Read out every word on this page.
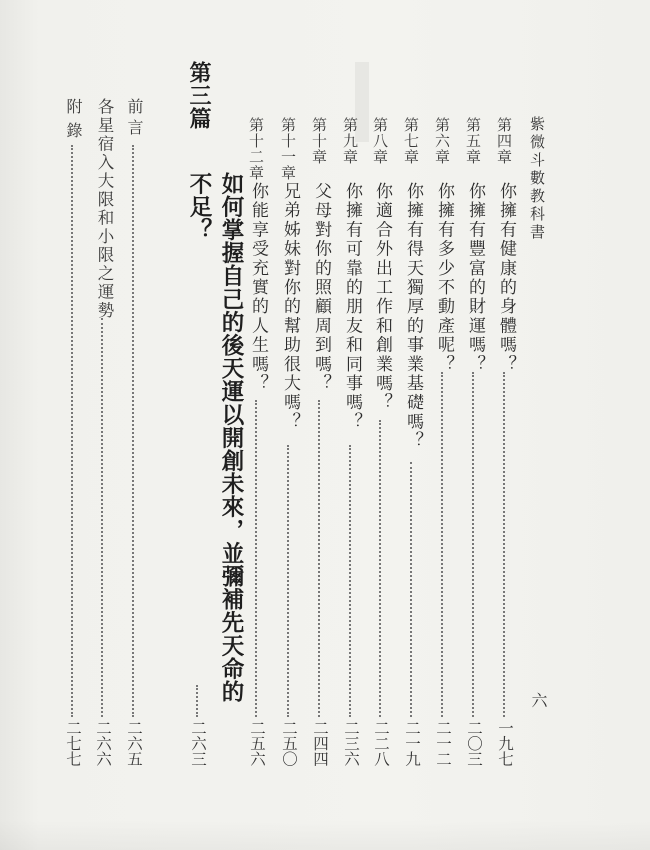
紫微斗數教科書
六
第四章
你擁有健康的身體嗎？
一九七
第五章
你擁有豐富的財運嗎？
二〇三
第六章
你擁有多少不動產呢？
二一二
第七章
你擁有得天獨厚的事業基礎嗎？
二一九
第八章
你適合外出工作和創業嗎？
二二八
第九章
你擁有可靠的朋友和同事嗎？
二三六
第十章
父母對你的照顧周到嗎？
二四四
第十一章
兄弟姊妹對你的幫助很大嗎？
二五〇
第十二章
你能享受充實的人生嗎？
二五六
第三篇
如何掌握自己的後天運以開創未來，並彌補先天命的不足？
二六三
前言
二六五
各星宿入大限和小限之運勢
二六六
附錄
二七七
